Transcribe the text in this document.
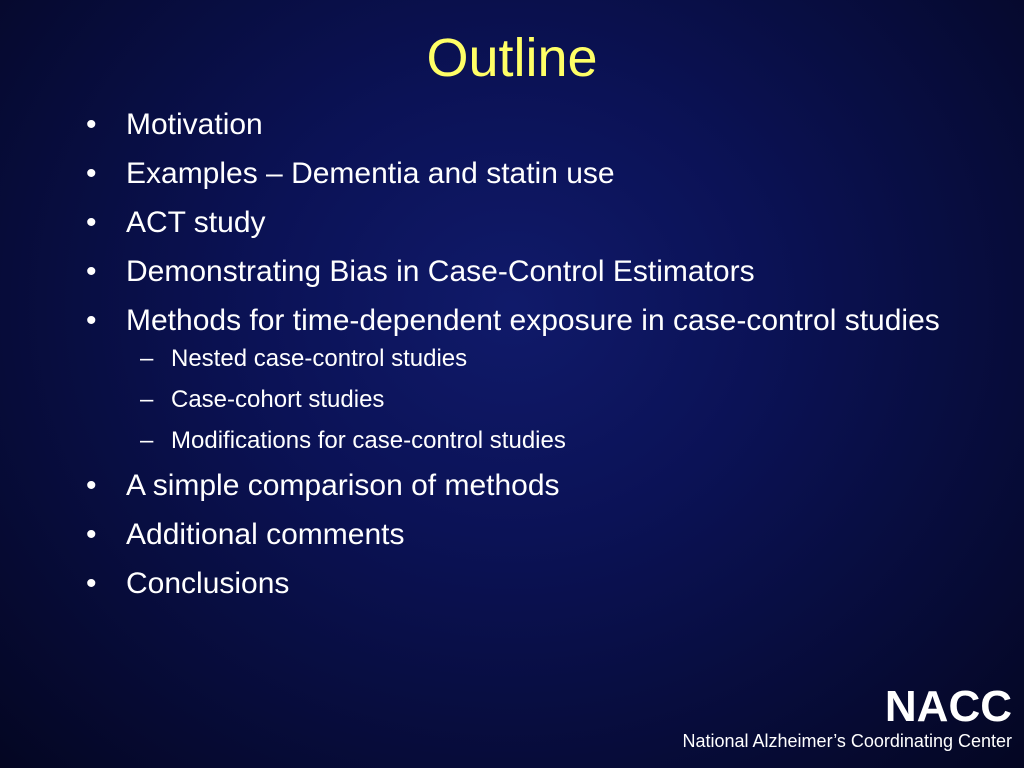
Outline
• Motivation
• Examples – Dementia and statin use
• ACT study
• Demonstrating Bias in Case-Control Estimators
• Methods for time-dependent exposure in case-control studies
– Nested case-control studies
– Case-cohort studies
– Modifications for case-control studies
• A simple comparison of methods
• Additional comments
• Conclusions
NACC
National Alzheimer’s Coordinating Center
